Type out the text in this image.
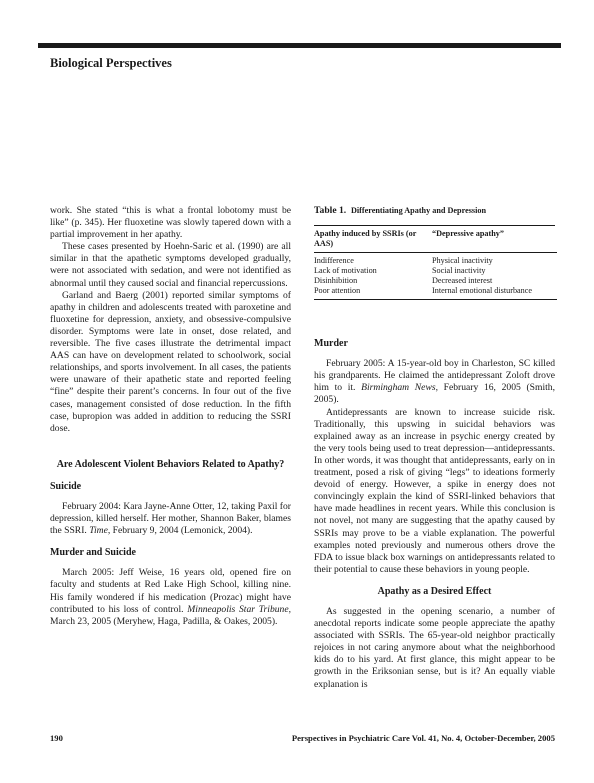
Biological Perspectives

work. She stated “this is what a frontal lobotomy must be like” (p. 345). Her fluoxetine was slowly tapered down with a partial improvement in her apathy.

These cases presented by Hoehn-Saric et al. (1990) are all similar in that the apathetic symptoms developed gradually, were not associated with sedation, and were not identified as abnormal until they caused social and financial repercussions.

Garland and Baerg (2001) reported similar symptoms of apathy in children and adolescents treated with paroxetine and fluoxetine for depression, anxiety, and obsessive-compulsive disorder. Symptoms were late in onset, dose related, and reversible. The five cases illustrate the detrimental impact AAS can have on development related to schoolwork, social relationships, and sports involvement. In all cases, the patients were unaware of their apathetic state and reported feeling “fine” despite their parent’s concerns. In four out of the five cases, management consisted of dose reduction. In the fifth case, bupropion was added in addition to reducing the SSRI dose.

Are Adolescent Violent Behaviors Related to Apathy?
Suicide

February 2004: Kara Jayne-Anne Otter, 12, taking Paxil for depression, killed herself. Her mother, Shannon Baker, blames the SSRI. Time, February 9, 2004 (Lemonick, 2004).

Murder and Suicide

March 2005: Jeff Weise, 16 years old, opened fire on faculty and students at Red Lake High School, killing nine. His family wondered if his medication (Prozac) might have contributed to his loss of control. Minneapolis Star Tribune, March 23, 2005 (Meryhew, Haga, Padilla, & Oakes, 2005).

Table 1. Differentiating Apathy and Depression
Apathy induced by SSRIs (or AAS)	“Depressive apathy”
Indifference	Physical inactivity
Lack of motivation	Social inactivity
Disinhibition	Decreased interest
Poor attention	Internal emotional disturbance
Murder

February 2005: A 15-year-old boy in Charleston, SC killed his grandparents. He claimed the antidepressant Zoloft drove him to it. Birmingham News, February 16, 2005 (Smith, 2005).

Antidepressants are known to increase suicide risk. Traditionally, this upswing in suicidal behaviors was explained away as an increase in psychic energy created by the very tools being used to treat depression—antidepressants. In other words, it was thought that antidepressants, early on in treatment, posed a risk of giving “legs” to ideations formerly devoid of energy. However, a spike in energy does not convincingly explain the kind of SSRI-linked behaviors that have made headlines in recent years. While this conclusion is not novel, not many are suggesting that the apathy caused by SSRIs may prove to be a viable explanation. The powerful examples noted previously and numerous others drove the FDA to issue black box warnings on antidepressants related to their potential to cause these behaviors in young people.

Apathy as a Desired Effect

As suggested in the opening scenario, a number of anecdotal reports indicate some people appreciate the apathy associated with SSRIs. The 65-year-old neighbor practically rejoices in not caring anymore about what the neighborhood kids do to his yard. At first glance, this might appear to be growth in the Eriksonian sense, but is it? An equally viable explanation is

190	Perspectives in Psychiatric Care Vol. 41, No. 4, October-December, 2005
